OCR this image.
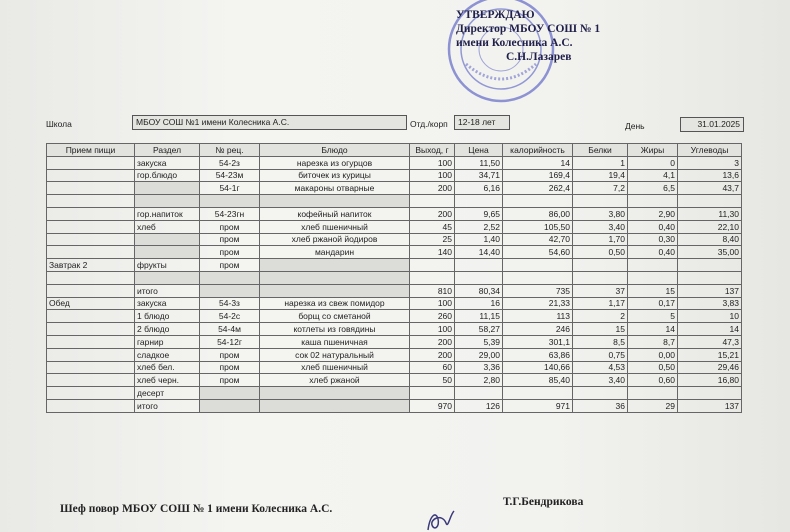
УТВЕРЖДАЮ
Директор МБОУ СОШ № 1
имени Колесника А.С.
С.Н.Лазарев
Школа	МБОУ СОШ №1 имени Колесника А.С.	Отд./корп	12-18 лет	День	31.01.2025
Прием пищи	Раздел	№ рец.	Блюдо	Выход, г	Цена	калорийность	Белки	Жиры	Углеводы
	закуска	54-2з	нарезка из огурцов	100	11,50	14	1	0	3
	гор.блюдо	54-23м	биточек из курицы	100	34,71	169,4	19,4	4,1	13,6
		54-1г	макароны отварные	200	6,16	262,4	7,2	6,5	43,7

	гор.напиток	54-23гн	кофейный напиток	200	9,65	86,00	3,80	2,90	11,30
	хлеб	пром	хлеб пшеничный	45	2,52	105,50	3,40	0,40	22,10
		пром	хлеб ржаной йодиров	25	1,40	42,70	1,70	0,30	8,40
		пром	мандарин	140	14,40	54,60	0,50	0,40	35,00
Завтрак 2	фрукты	пром							

	итого			810	80,34	735	37	15	137
Обед	закуска	54-3з	нарезка из свеж помидор	100	16	21,33	1,17	0,17	3,83
	1 блюдо	54-2с	борщ со сметаной	260	11,15	113	2	5	10
	2 блюдо	54-4м	котлеты из говядины	100	58,27	246	15	14	14
	гарнир	54-12г	каша пшеничная	200	5,39	301,1	8,5	8,7	47,3
	сладкое	пром	сок 02 натуральный	200	29,00	63,86	0,75	0,00	15,21
	хлеб бел.	пром	хлеб пшеничный	60	3,36	140,66	4,53	0,50	29,46
	хлеб черн.	пром	хлеб ржаной	50	2,80	85,40	3,40	0,60	16,80
	десерт								
	итого			970	126	971	36	29	137
Шеф повор МБОУ СОШ № 1 имени Колесника А.С.
Т.Г.Бендрикова
